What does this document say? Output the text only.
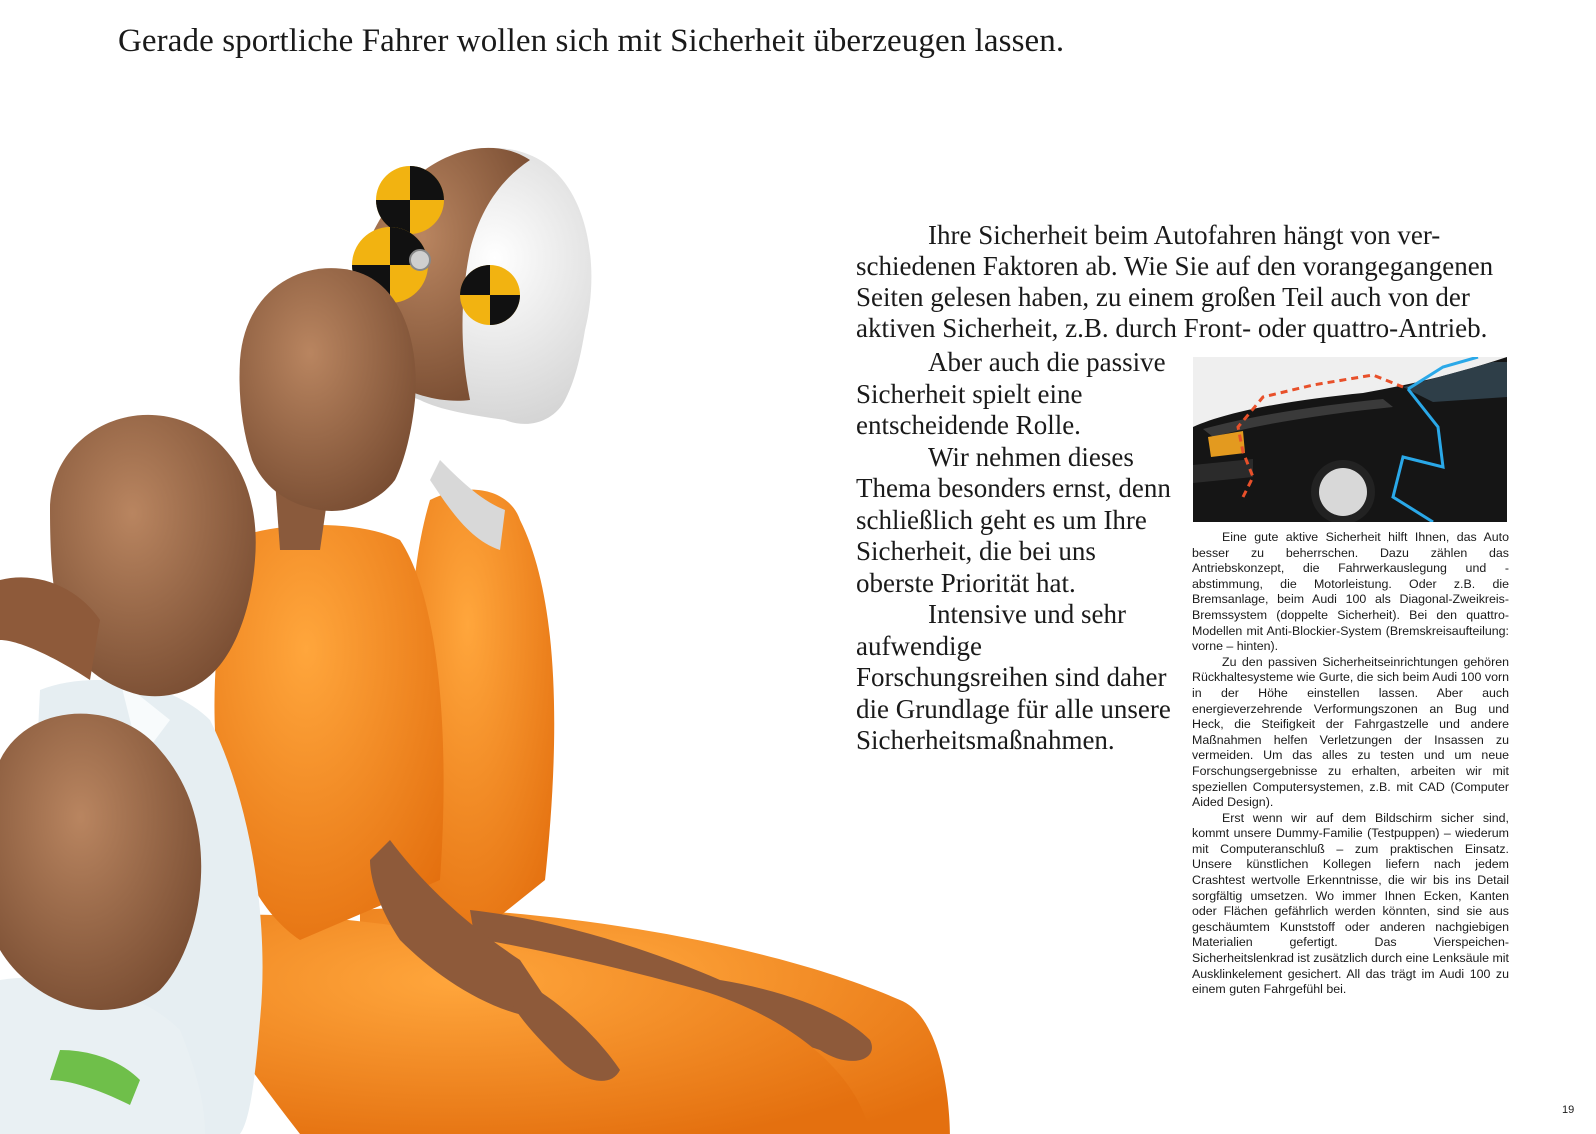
Gerade sportliche Fahrer wollen sich mit Sicherheit überzeugen lassen.
Ihre Sicherheit beim Autofahren hängt von ver-
schiedenen Faktoren ab. Wie Sie auf den vorangegangenen
Seiten gelesen haben, zu einem großen Teil auch von der
aktiven Sicherheit, z.B. durch Front- oder quattro-Antrieb.

Aber auch die passive Sicherheit spielt eine entscheidende Rolle.

Wir nehmen dieses Thema besonders ernst, denn schließlich geht es um Ihre Sicherheit, die bei uns oberste Priorität hat.

Intensive und sehr aufwendige Forschungsreihen sind daher die Grundlage für alle unsere Sicherheitsmaßnahmen.

Eine gute aktive Sicherheit hilft Ihnen, das Auto besser zu beherrschen. Dazu zählen das Antriebskonzept, die Fahrwerkauslegung und -abstimmung, die Motorleistung. Oder z.B. die Bremsanlage, beim Audi 100 als Diagonal-Zweikreis-Bremssystem (doppelte Sicherheit). Bei den quattro-Modellen mit Anti-Blockier-System (Bremskreisaufteilung: vorne – hinten).

Zu den passiven Sicherheitseinrichtungen gehören Rückhaltesysteme wie Gurte, die sich beim Audi 100 vorn in der Höhe einstellen lassen. Aber auch energieverzehrende Verformungszonen an Bug und Heck, die Steifigkeit der Fahrgastzelle und andere Maßnahmen helfen Verletzungen der Insassen zu vermeiden. Um das alles zu testen und um neue Forschungsergebnisse zu erhalten, arbeiten wir mit speziellen Computersystemen, z.B. mit CAD (Computer Aided Design).

Erst wenn wir auf dem Bildschirm sicher sind, kommt unsere Dummy-Familie (Testpuppen) – wiederum mit Computeranschluß – zum praktischen Einsatz. Unsere künstlichen Kollegen liefern nach jedem Crashtest wertvolle Erkenntnisse, die wir bis ins Detail sorgfältig umsetzen. Wo immer Ihnen Ecken, Kanten oder Flächen gefährlich werden könnten, sind sie aus geschäumtem Kunststoff oder anderen nachgiebigen Materialien gefertigt. Das Vierspeichen-Sicherheitslenkrad ist zusätzlich durch eine Lenksäule mit Ausklinkelement gesichert. All das trägt im Audi 100 zu einem guten Fahrgefühl bei.

19
